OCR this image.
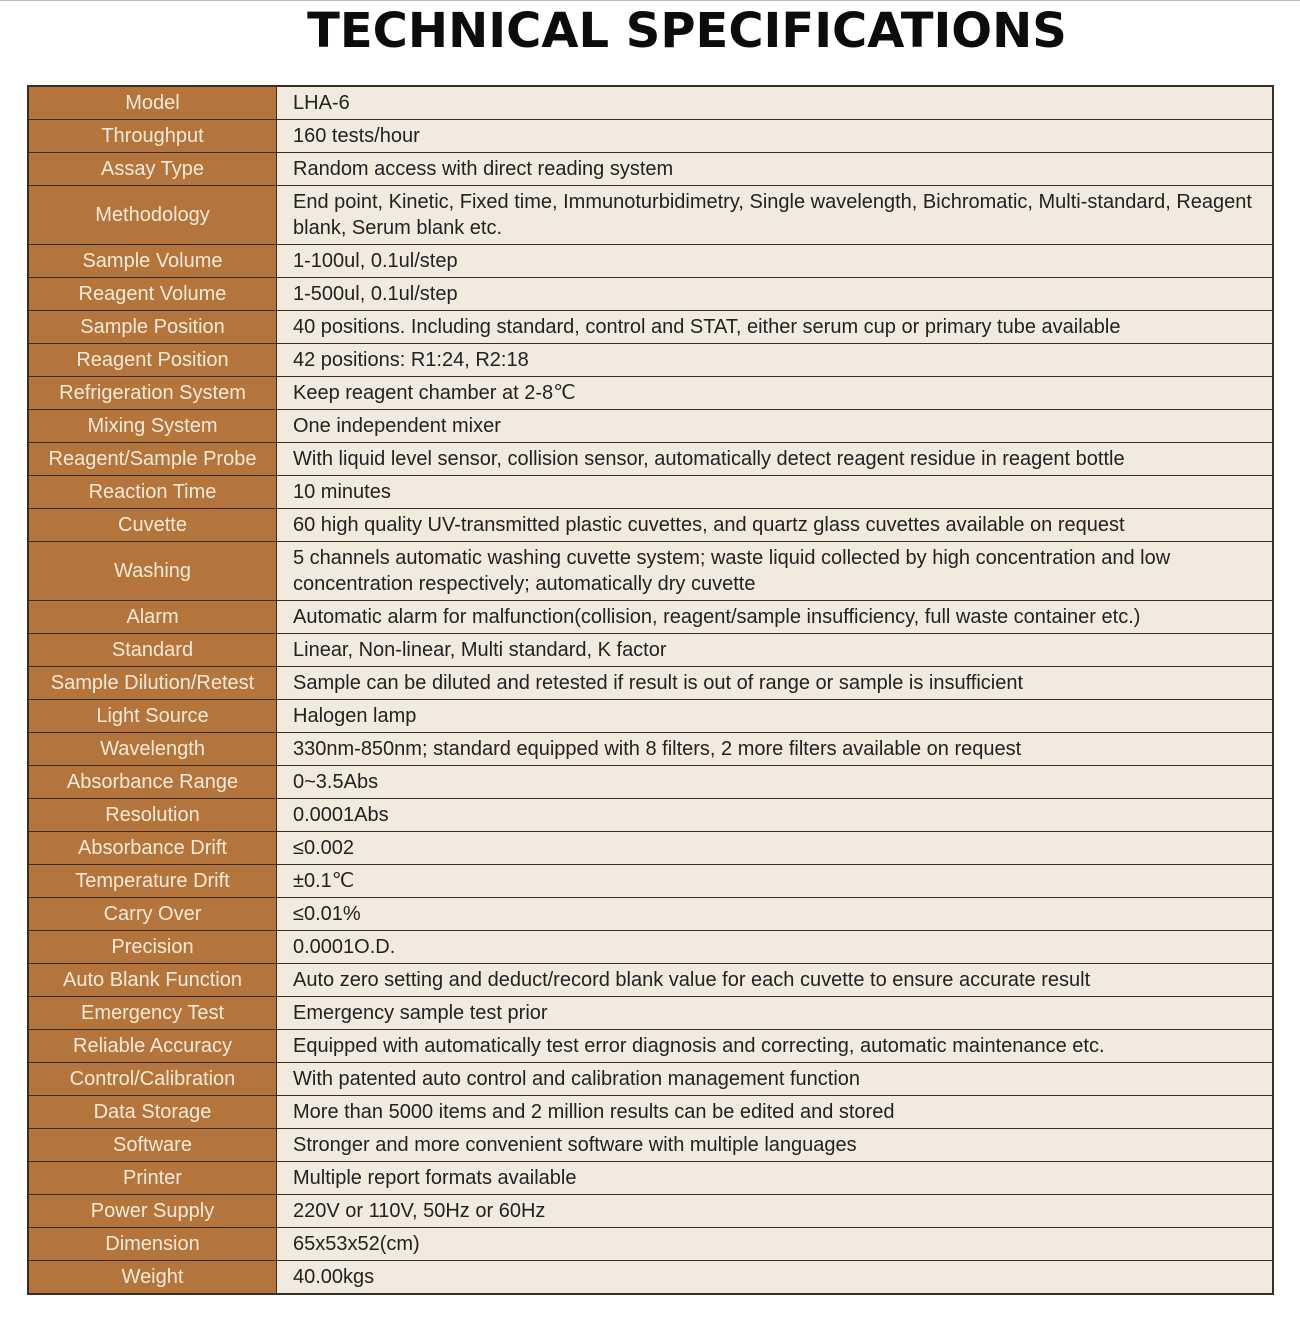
TECHNICAL SPECIFICATIONS
Model	LHA-6
Throughput	160 tests/hour
Assay Type	Random access with direct reading system
Methodology	End point, Kinetic, Fixed time, Immunoturbidimetry, Single wavelength, Bichromatic, Multi-standard, Reagent blank, Serum blank etc.
Sample Volume	1-100ul, 0.1ul/step
Reagent Volume	1-500ul, 0.1ul/step
Sample Position	40 positions. Including standard, control and STAT, either serum cup or primary tube available
Reagent Position	42 positions: R1:24, R2:18
Refrigeration System	Keep reagent chamber at 2-8℃
Mixing System	One independent mixer
Reagent/Sample Probe	With liquid level sensor, collision sensor, automatically detect reagent residue in reagent bottle
Reaction Time	10 minutes
Cuvette	60 high quality UV-transmitted plastic cuvettes, and quartz glass cuvettes available on request
Washing	5 channels automatic washing cuvette system; waste liquid collected by high concentration and low concentration respectively; automatically dry cuvette
Alarm	Automatic alarm for malfunction(collision, reagent/sample insufficiency, full waste container etc.)
Standard	Linear, Non-linear, Multi standard, K factor
Sample Dilution/Retest	Sample can be diluted and retested if result is out of range or sample is insufficient
Light Source	Halogen lamp
Wavelength	330nm-850nm; standard equipped with 8 filters, 2 more filters available on request
Absorbance Range	0~3.5Abs
Resolution	0.0001Abs
Absorbance Drift	≤0.002
Temperature Drift	±0.1℃
Carry Over	≤0.01%
Precision	0.0001O.D.
Auto Blank Function	Auto zero setting and deduct/record blank value for each cuvette to ensure accurate result
Emergency Test	Emergency sample test prior
Reliable Accuracy	Equipped with automatically test error diagnosis and correcting, automatic maintenance etc.
Control/Calibration	With patented auto control and calibration management function
Data Storage	More than 5000 items and 2 million results can be edited and stored
Software	Stronger and more convenient software with multiple languages
Printer	Multiple report formats available
Power Supply	220V or 110V, 50Hz or 60Hz
Dimension	65x53x52(cm)
Weight	40.00kgs
